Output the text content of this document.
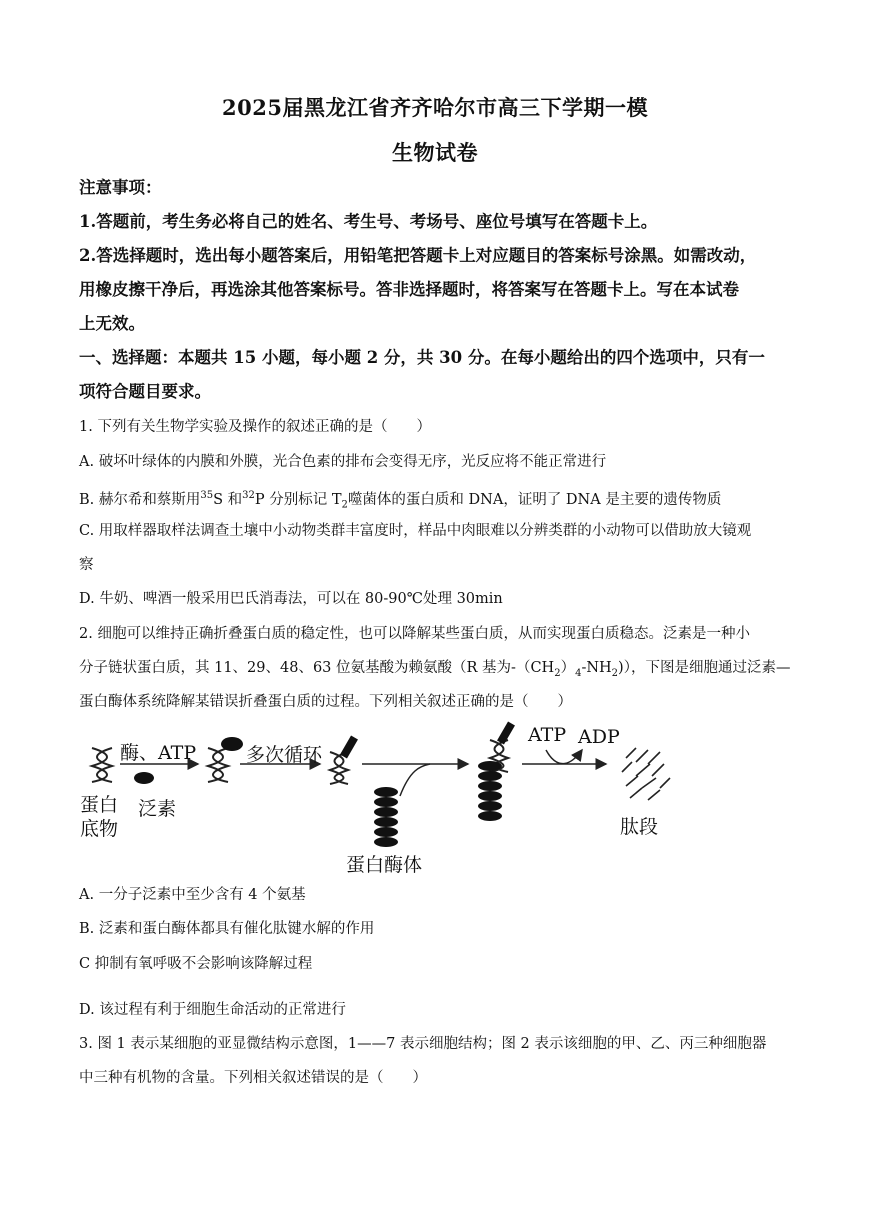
2025届黑龙江省齐齐哈尔市高三下学期一模
生物试卷
注意事项：
1.答题前，考生务必将自己的姓名、考生号、考场号、座位号填写在答题卡上。
2.答选择题时，选出每小题答案后，用铅笔把答题卡上对应题目的答案标号涂黑。如需改动，
用橡皮擦干净后，再选涂其他答案标号。答非选择题时，将答案写在答题卡上。写在本试卷
上无效。
一、选择题：本题共 15 小题，每小题 2 分，共 30 分。在每小题给出的四个选项中，只有一
项符合题目要求。
1. 下列有关生物学实验及操作的叙述正确的是（　　）
A. 破坏叶绿体的内膜和外膜，光合色素的排布会变得无序，光反应将不能正常进行
B. 赫尔希和蔡斯用$^{35}$S 和$^{32}$P 分别标记 $T_2$噬菌体的蛋白质和 DNA，证明了 DNA 是主要的遗传物质
C. 用取样器取样法调查土壤中小动物类群丰富度时，样品中肉眼难以分辨类群的小动物可以借助放大镜观
察
D. 牛奶、啤酒一般采用巴氏消毒法，可以在 80-90℃处理 30min
2. 细胞可以维持正确折叠蛋白质的稳定性，也可以降解某些蛋白质，从而实现蛋白质稳态。泛素是一种小
分子链状蛋白质，其 11、29、48、63 位氨基酸为赖氨酸（R 基为$-(CH_2)_4-NH_2$)），下图是细胞通过泛素—
蛋白酶体系统降解某错误折叠蛋白质的过程。下列相关叙述正确的是（　　）
酶、ATP	多次循环
ATP ADP
蛋白
底物
泛素
蛋白酶体
肽段
A. 一分子泛素中至少含有 4 个氨基
B. 泛素和蛋白酶体都具有催化肽键水解的作用
C 抑制有氧呼吸不会影响该降解过程
D. 该过程有利于细胞生命活动的正常进行
3. 图 1 表示某细胞的亚显微结构示意图，1——7 表示细胞结构；图 2 表示该细胞的甲、乙、丙三种细胞器
中三种有机物的含量。下列相关叙述错误的是（　　）
